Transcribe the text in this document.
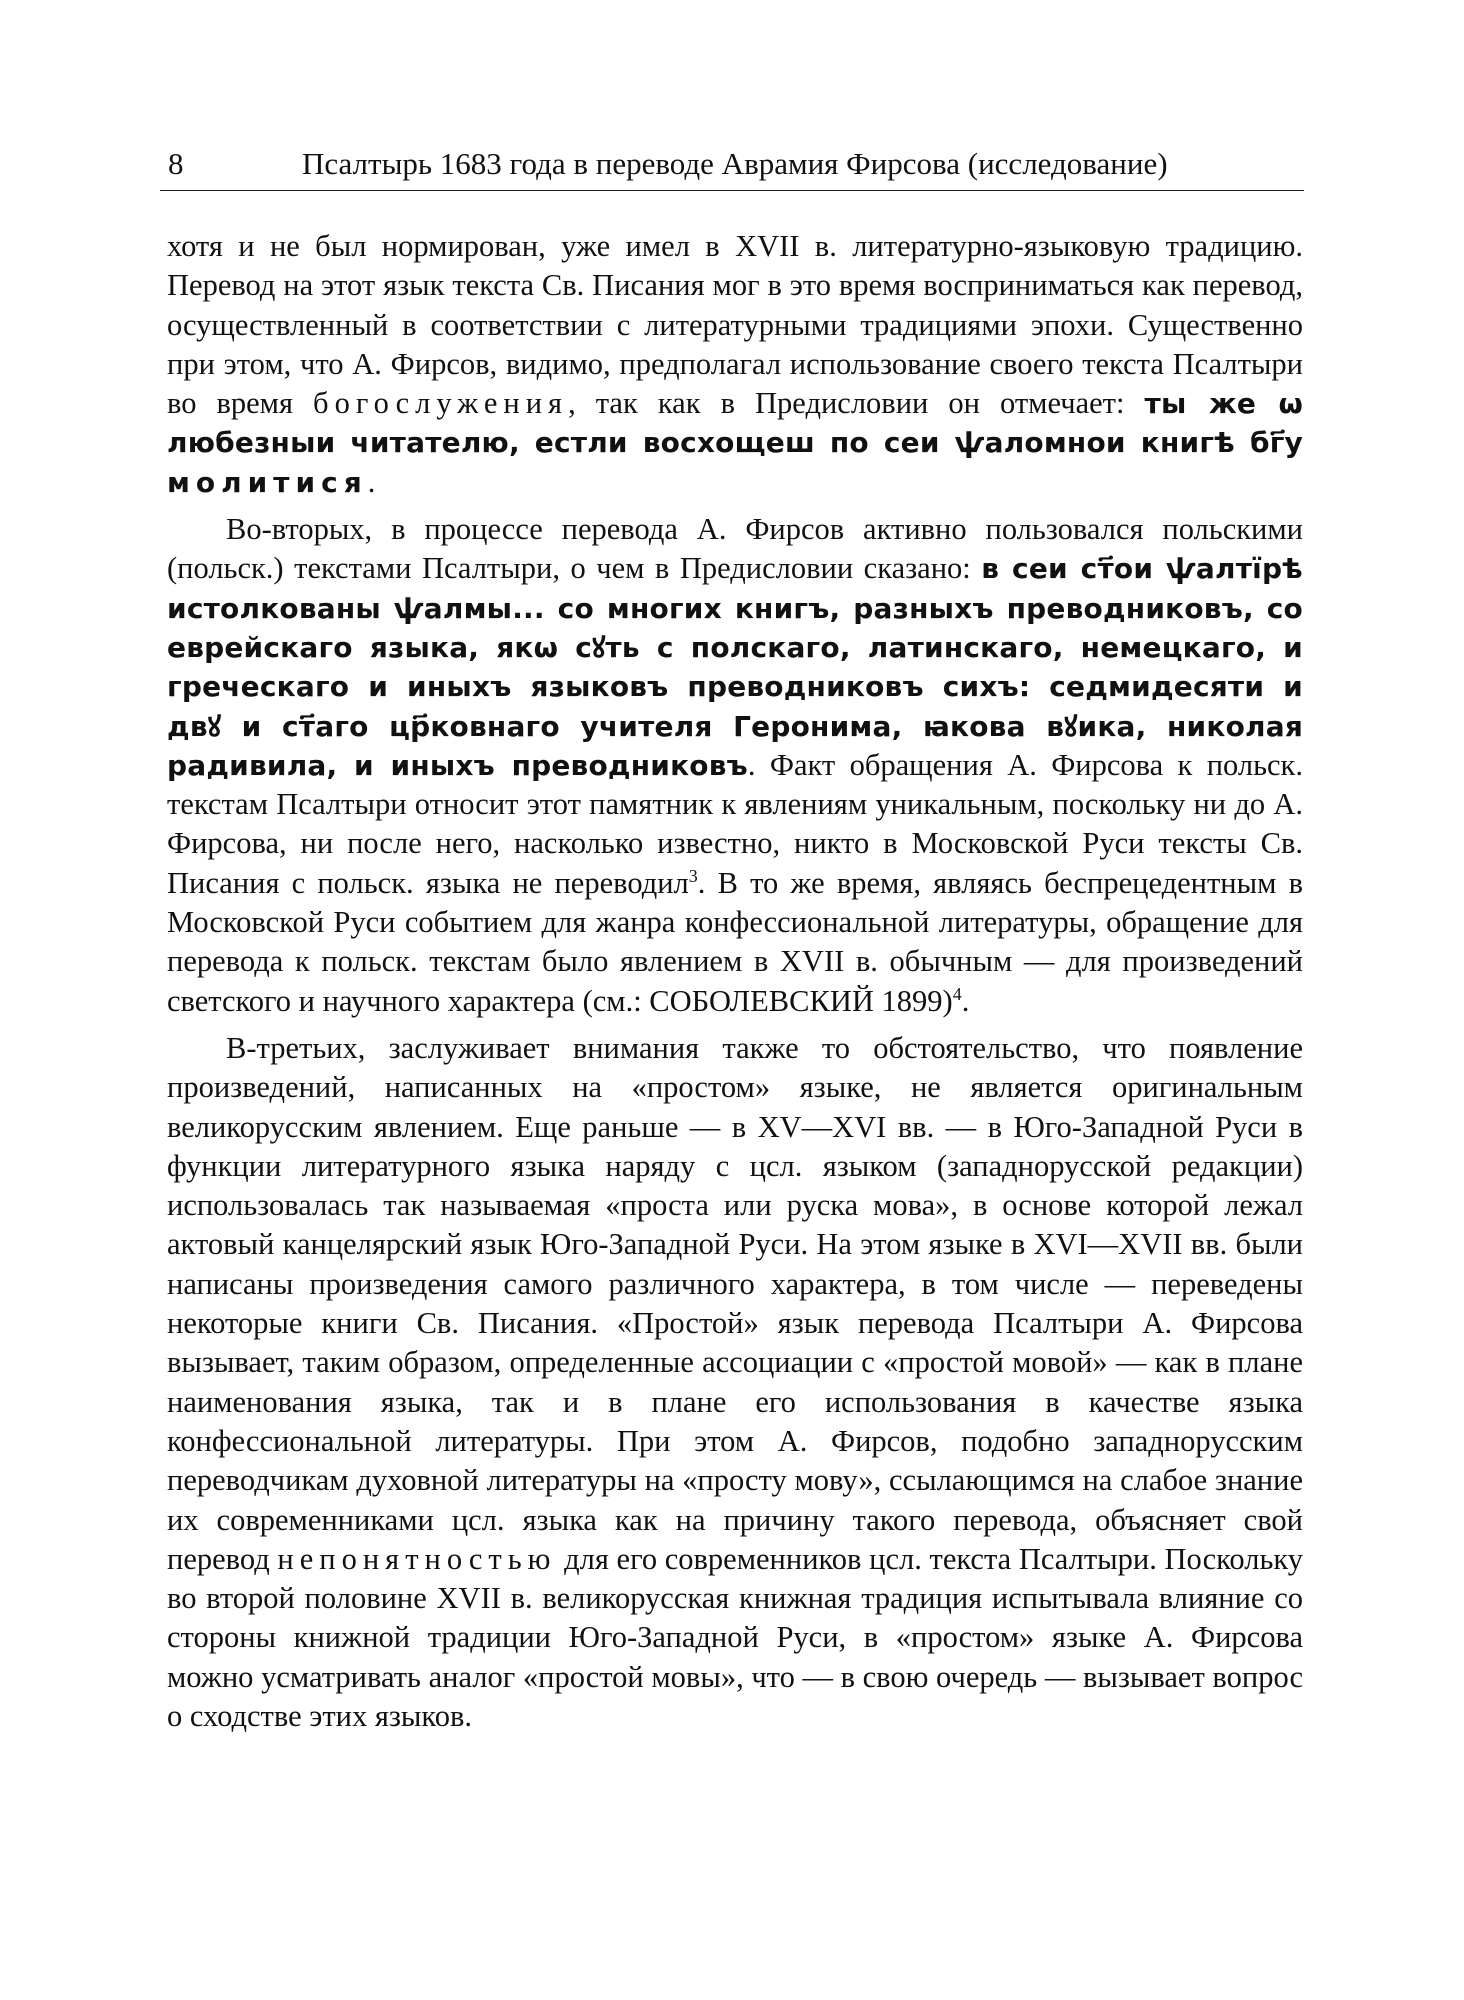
8	Псалтырь 1683 года в переводе Аврамия Фирсова (исследование)

хотя и не был нормирован, уже имел в XVII в. литературно-языковую традицию. Перевод на этот язык текста Св. Писания мог в это время восприниматься как перевод, осуществленный в соответствии с литературными традициями эпохи. Существенно при этом, что А. Фирсов, видимо, предполагал использование своего текста Псалтыри во время богослужения, так как в Предисловии он отмечает: ты же ѡ любезныи читателю, естли восхощеш по сеи ѱаломнои книгѣ бг҃у молитися.

Во-вторых, в процессе перевода А. Фирсов активно пользовался польскими (польск.) текстами Псалтыри, о чем в Предисловии сказано: в сеи ст҃ои ѱалтїрѣ истолкованы ѱалмы... со многих книгъ, разныхъ преводниковъ, со еврейскаго языка, якѡ сꙋть с полскаго, латинскаго, немецкаго, и греческаго и иныхъ языковъ преводниковъ сихъ: седмидесяти и двꙋ и ст҃аго цр҃ковнаго учителя Геронима, ꙗкова вꙋика, николая радивила, и иныхъ преводниковъ. Факт обращения А. Фирсова к польск. текстам Псалтыри относит этот памятник к явлениям уникальным, поскольку ни до А. Фирсова, ни после него, насколько известно, никто в Московской Руси тексты Св. Писания с польск. языка не переводил$^3$. В то же время, являясь беспрецедентным в Московской Руси событием для жанра конфессиональной литературы, обращение для перевода к польск. текстам было явлением в XVII в. обычным — для произведений светского и научного характера (см.: СОБОЛЕВСКИЙ 1899)$^4$.

В-третьих, заслуживает внимания также то обстоятельство, что появление произведений, написанных на «простом» языке, не является оригинальным великорусским явлением. Еще раньше — в XV—XVI вв. — в Юго-Западной Руси в функции литературного языка наряду с цсл. языком (западнорусской редакции) использовалась так называемая «проста или руска мова», в основе которой лежал актовый канцелярский язык Юго-Западной Руси. На этом языке в XVI—XVII вв. были написаны произведения самого различного характера, в том числе — переведены некоторые книги Св. Писания. «Простой» язык перевода Псалтыри А. Фирсова вызывает, таким образом, определенные ассоциации с «простой мовой» — как в плане наименования языка, так и в плане его использования в качестве языка конфессиональной литературы. При этом А. Фирсов, подобно западнорусским переводчикам духовной литературы на «просту мову», ссылающимся на слабое знание их современниками цсл. языка как на причину такого перевода, объясняет свой перевод непонятностью для его современников цсл. текста Псалтыри. Поскольку во второй половине XVII в. великорусская книжная традиция испытывала влияние со стороны книжной традиции Юго-Западной Руси, в «простом» языке А. Фирсова можно усматривать аналог «простой мовы», что — в свою очередь — вызывает вопрос о сходстве этих языков.
